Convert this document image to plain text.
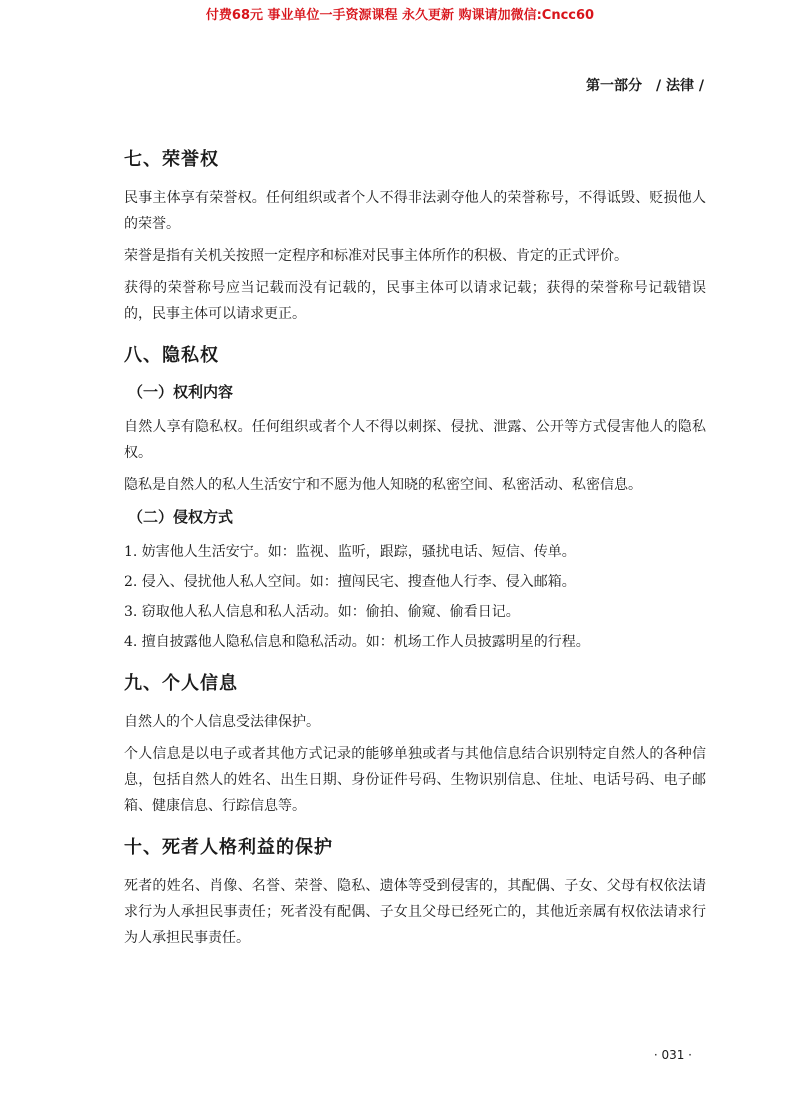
付费68元 事业单位一手资源课程 永久更新 购课请加微信:Cncc60
第一部分　/ 法律 /
七、荣誉权

民事主体享有荣誉权。任何组织或者个人不得非法剥夺他人的荣誉称号，不得诋毁、贬损他人的荣誉。

荣誉是指有关机关按照一定程序和标准对民事主体所作的积极、肯定的正式评价。

获得的荣誉称号应当记载而没有记载的，民事主体可以请求记载；获得的荣誉称号记载错误的，民事主体可以请求更正。

八、隐私权
（一）权利内容

自然人享有隐私权。任何组织或者个人不得以刺探、侵扰、泄露、公开等方式侵害他人的隐私权。

隐私是自然人的私人生活安宁和不愿为他人知晓的私密空间、私密活动、私密信息。

（二）侵权方式

1. 妨害他人生活安宁。如：监视、监听，跟踪，骚扰电话、短信、传单。

2. 侵入、侵扰他人私人空间。如：擅闯民宅、搜查他人行李、侵入邮箱。

3. 窃取他人私人信息和私人活动。如：偷拍、偷窥、偷看日记。

4. 擅自披露他人隐私信息和隐私活动。如：机场工作人员披露明星的行程。

九、个人信息

自然人的个人信息受法律保护。

个人信息是以电子或者其他方式记录的能够单独或者与其他信息结合识别特定自然人的各种信息，包括自然人的姓名、出生日期、身份证件号码、生物识别信息、住址、电话号码、电子邮箱、健康信息、行踪信息等。

十、死者人格利益的保护

死者的姓名、肖像、名誉、荣誉、隐私、遗体等受到侵害的，其配偶、子女、父母有权依法请求行为人承担民事责任；死者没有配偶、子女且父母已经死亡的，其他近亲属有权依法请求行为人承担民事责任。

· 031 ·
